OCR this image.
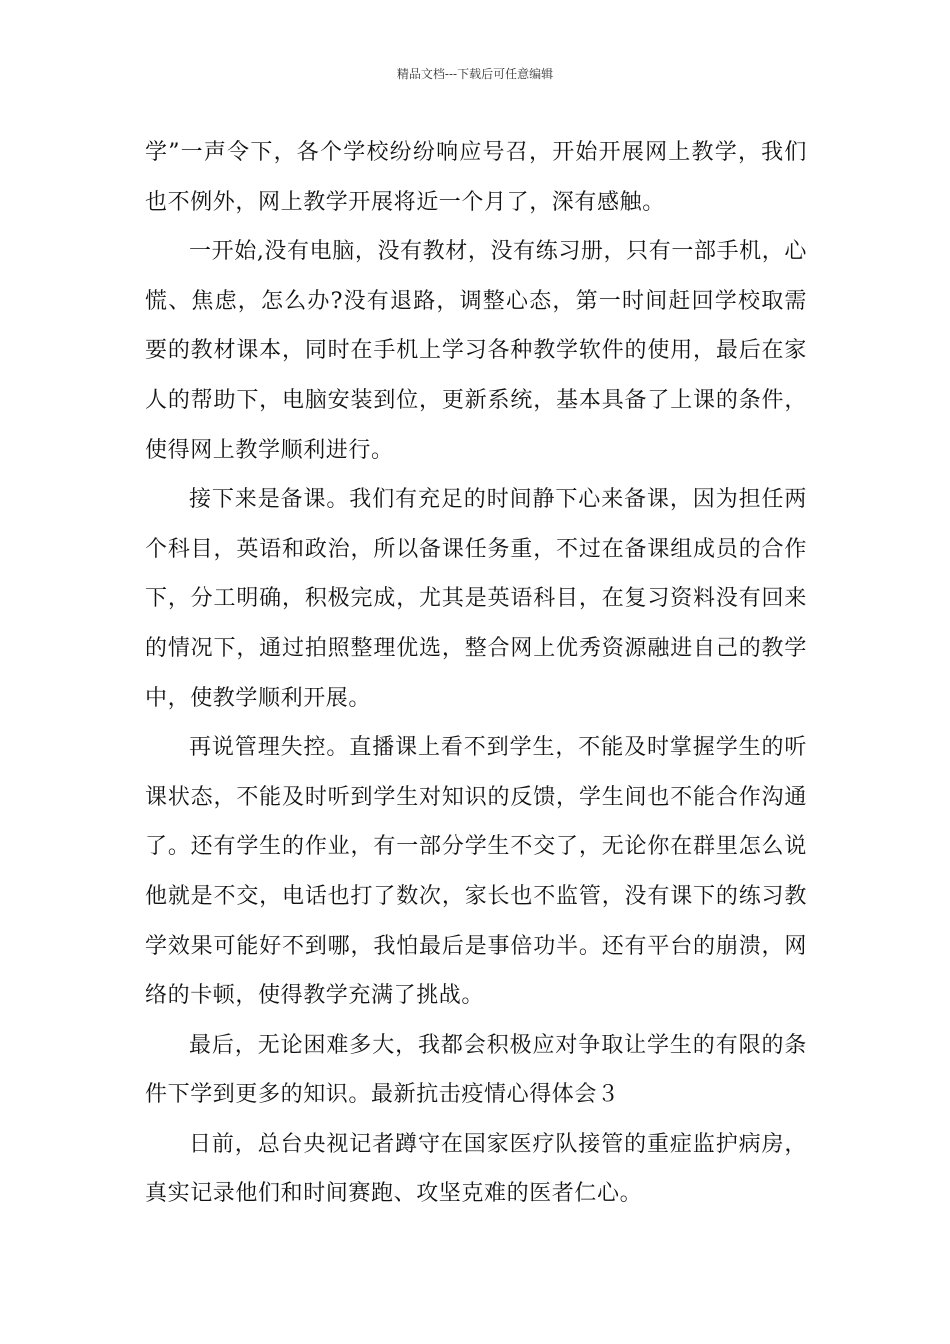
精品文档---下载后可任意编辑

学”一声令下，各个学校纷纷响应号召，开始开展网上教学，我们也不例外，网上教学开展将近一个月了，深有感触。

一开始,没有电脑，没有教材，没有练习册，只有一部手机，心慌、焦虑，怎么办?没有退路，调整心态，第一时间赶回学校取需要的教材课本，同时在手机上学习各种教学软件的使用，最后在家人的帮助下，电脑安装到位，更新系统，基本具备了上课的条件，使得网上教学顺利进行。

接下来是备课。我们有充足的时间静下心来备课，因为担任两个科目，英语和政治，所以备课任务重，不过在备课组成员的合作下，分工明确，积极完成，尤其是英语科目，在复习资料没有回来的情况下，通过拍照整理优选，整合网上优秀资源融进自己的教学中，使教学顺利开展。

再说管理失控。直播课上看不到学生，不能及时掌握学生的听课状态，不能及时听到学生对知识的反馈，学生间也不能合作沟通了。还有学生的作业，有一部分学生不交了，无论你在群里怎么说他就是不交，电话也打了数次，家长也不监管，没有课下的练习教学效果可能好不到哪，我怕最后是事倍功半。还有平台的崩溃，网络的卡顿，使得教学充满了挑战。

最后，无论困难多大，我都会积极应对争取让学生的有限的条件下学到更多的知识。最新抗击疫情心得体会３

日前，总台央视记者蹲守在国家医疗队接管的重症监护病房，真实记录他们和时间赛跑、攻坚克难的医者仁心。
